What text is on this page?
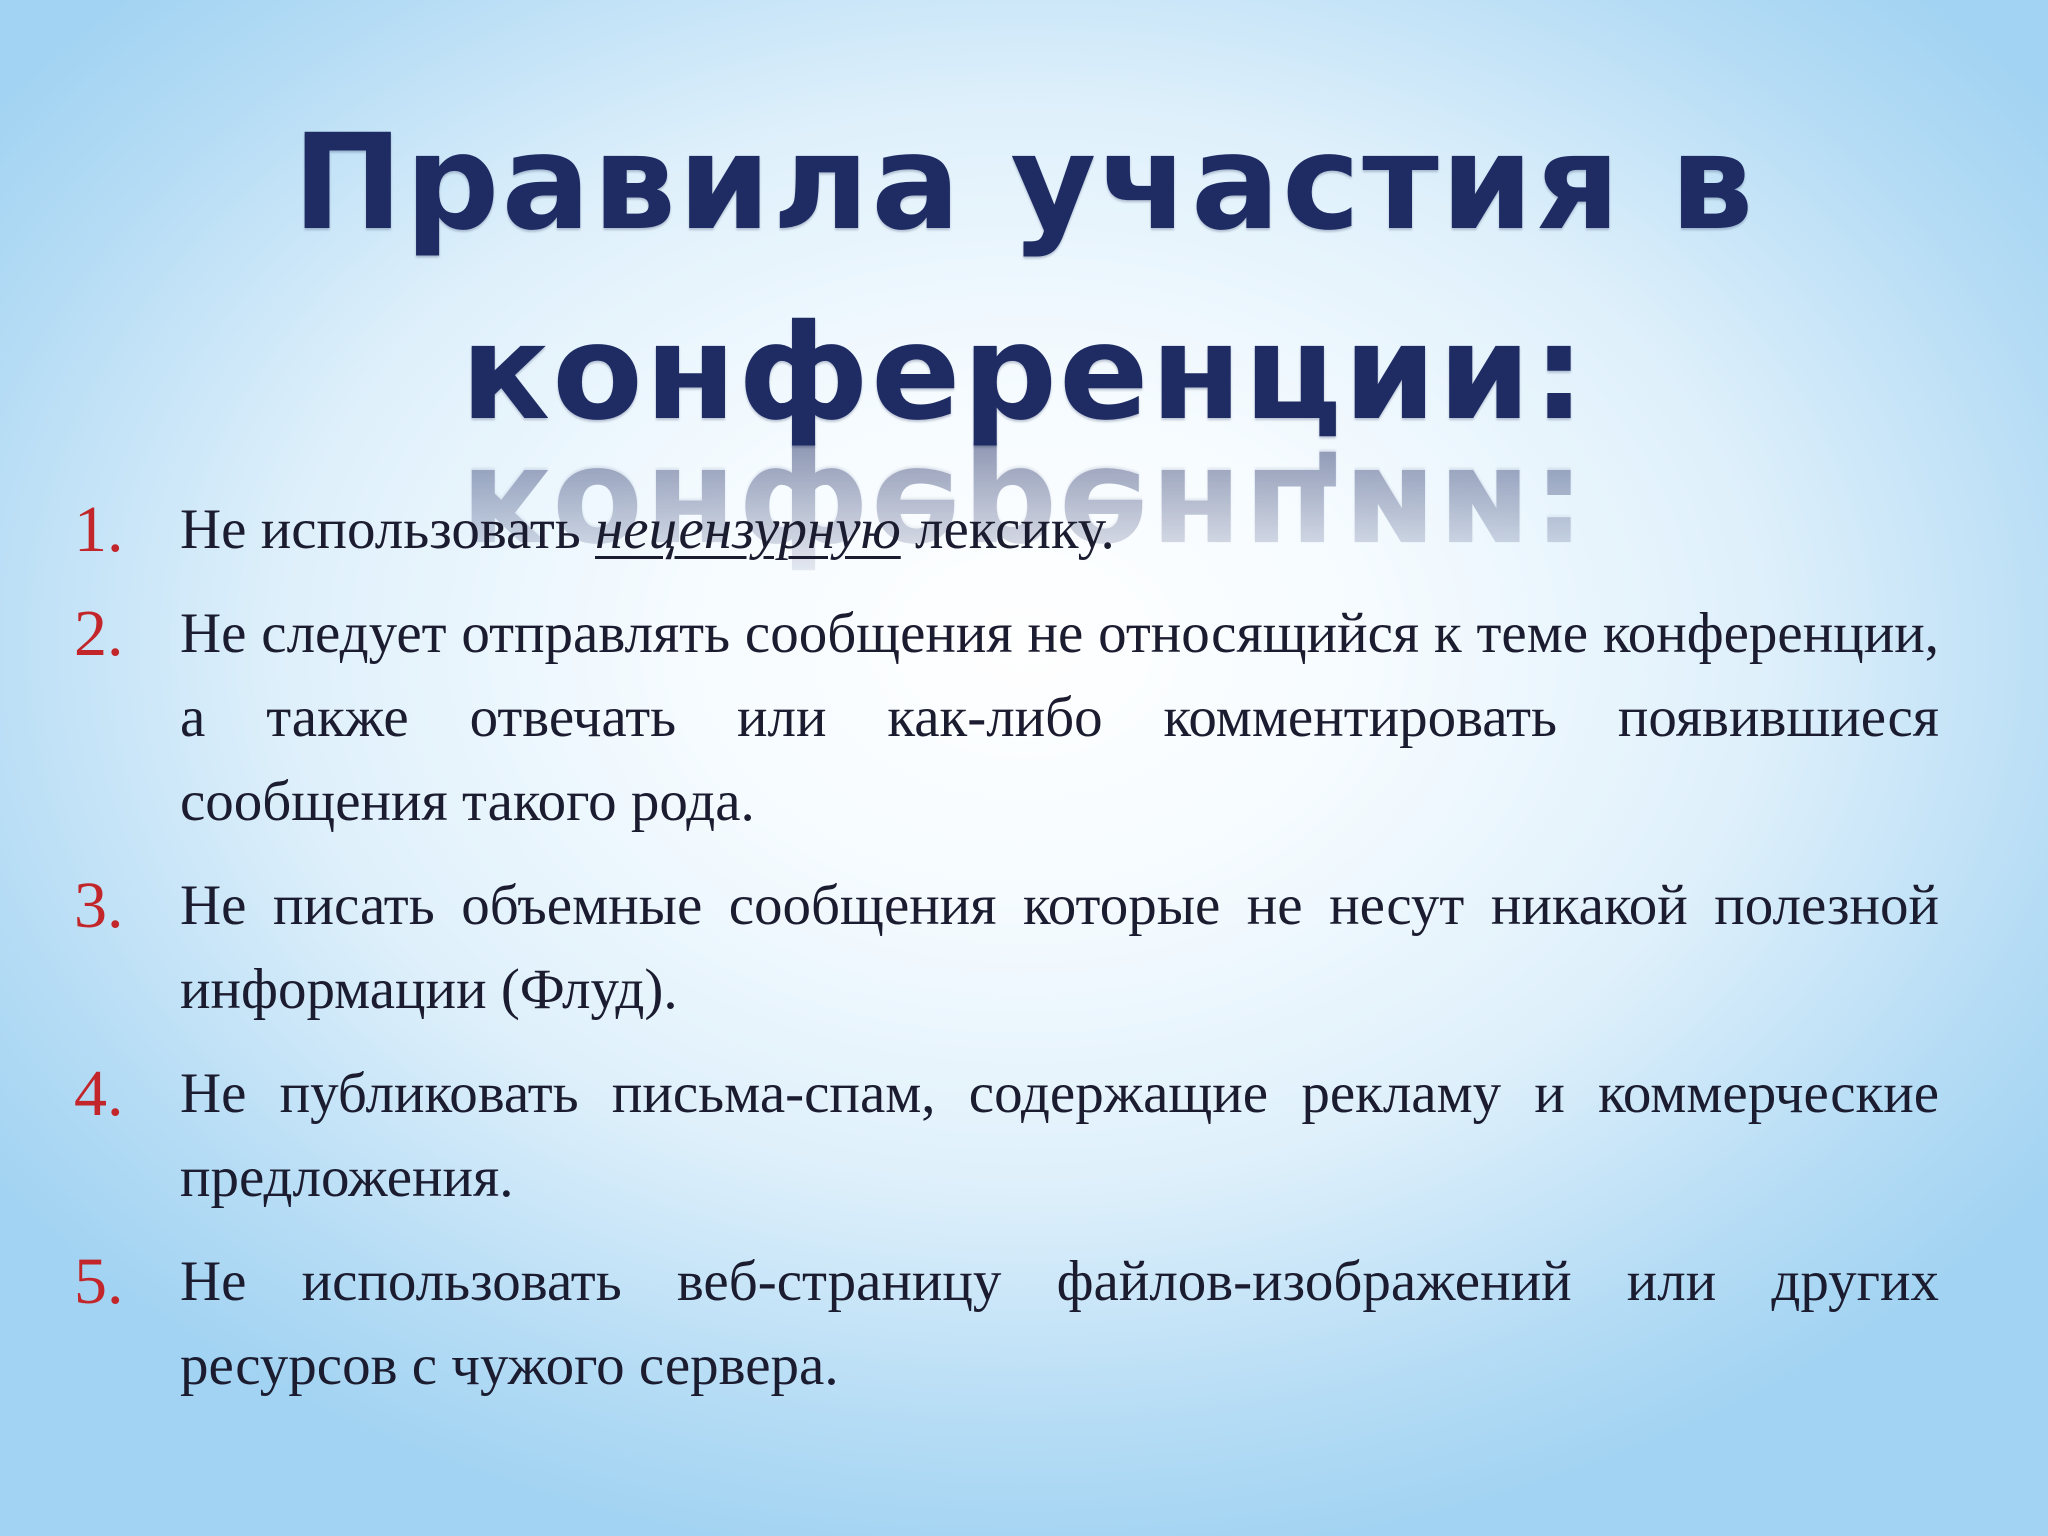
Правила участия в
конференции:
1. Не использовать нецензурную лексику.
2. Не следует отправлять сообщения не относящийся к теме конференции, а также отвечать или как-либо комментировать появившиеся сообщения такого рода.
3. Не писать объемные сообщения которые не несут никакой полезной информации (Флуд).
4. Не публиковать письма-спам, содержащие рекламу и коммерческие предложения.
5. Не использовать веб-страницу файлов-изображений или других ресурсов с чужого сервера.
